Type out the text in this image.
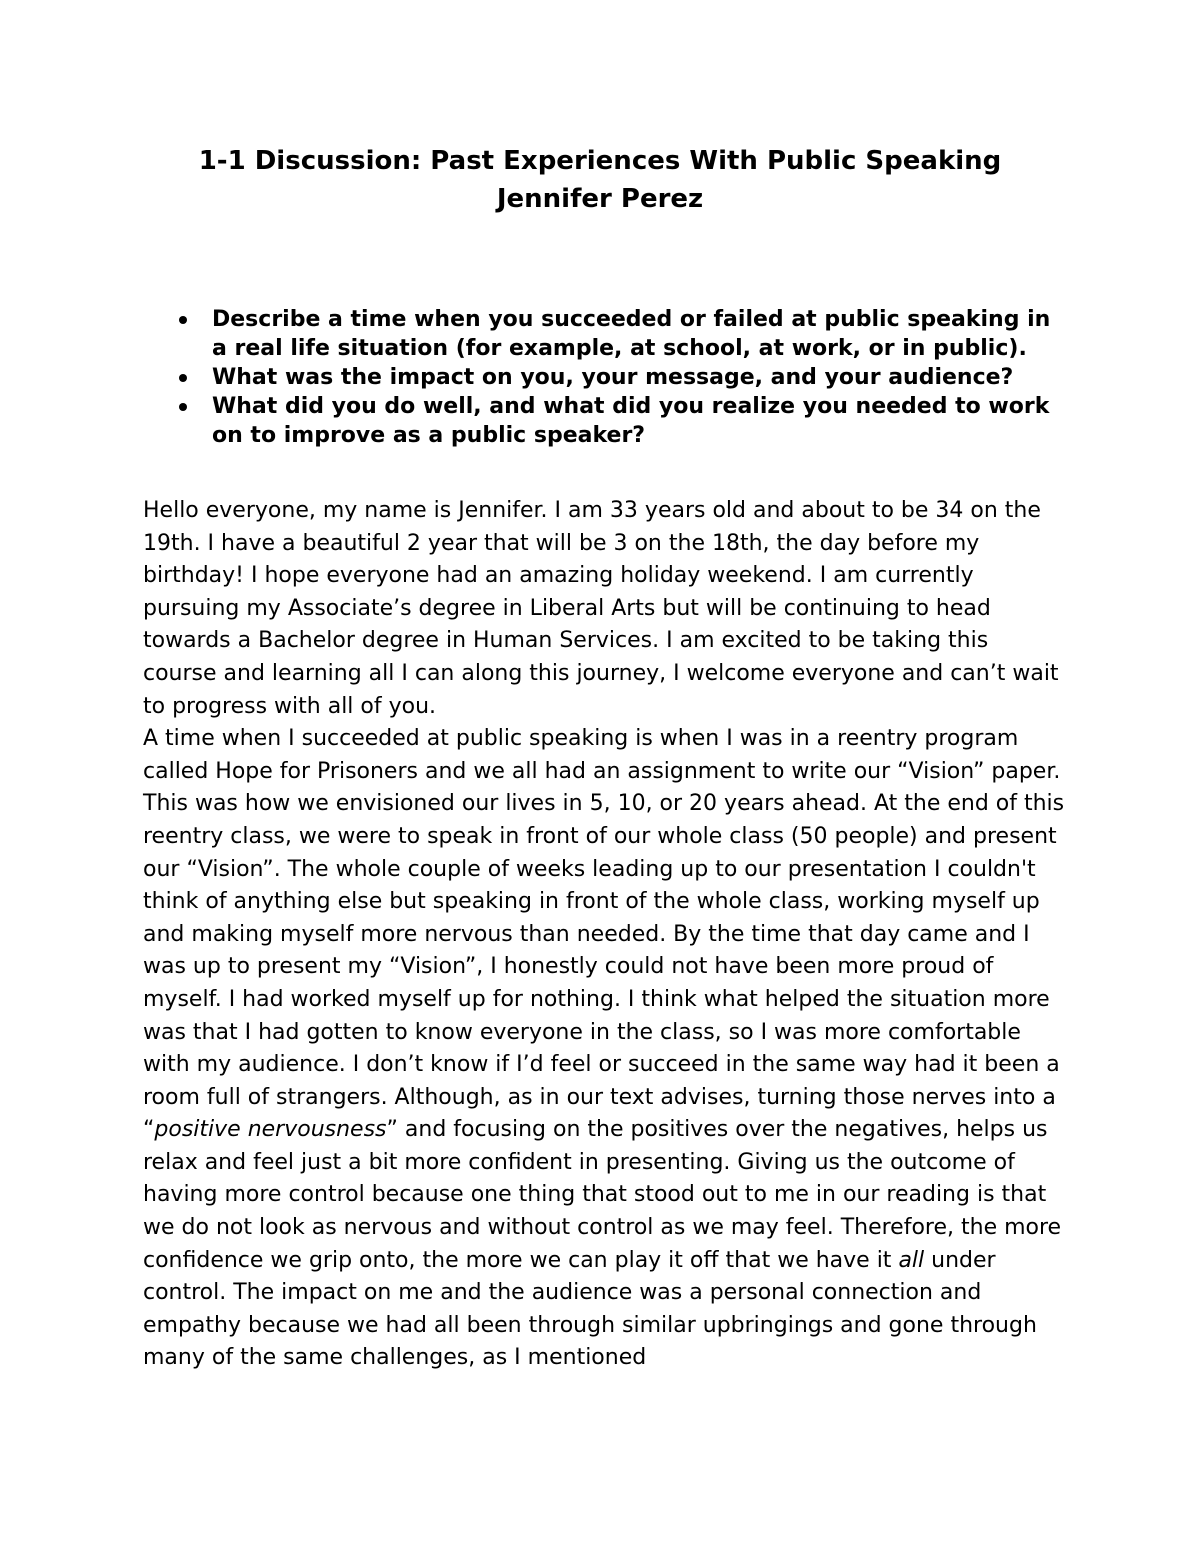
1-1 Discussion: Past Experiences With Public Speaking
Jennifer Perez
Describe a time when you succeeded or failed at public speaking in a real life situation (for example, at school, at work, or in public).
What was the impact on you, your message, and your audience?
What did you do well, and what did you realize you needed to work on to improve as a public speaker?

Hello everyone, my name is Jennifer. I am 33 years old and about to be 34 on the 19th. I have a beautiful 2 year that will be 3 on the 18th, the day before my birthday! I hope everyone had an amazing holiday weekend. I am currently pursuing my Associate’s degree in Liberal Arts but will be continuing to head towards a Bachelor degree in Human Services. I am excited to be taking this course and learning all I can along this journey, I welcome everyone and can’t wait to progress with all of you.

A time when I succeeded at public speaking is when I was in a reentry program called Hope for Prisoners and we all had an assignment to write our “Vision” paper. This was how we envisioned our lives in 5, 10, or 20 years ahead. At the end of this reentry class, we were to speak in front of our whole class (50 people) and present our “Vision”. The whole couple of weeks leading up to our presentation I couldn't think of anything else but speaking in front of the whole class, working myself up and making myself more nervous than needed. By the time that day came and I was up to present my “Vision”, I honestly could not have been more proud of myself. I had worked myself up for nothing. I think what helped the situation more was that I had gotten to know everyone in the class, so I was more comfortable with my audience. I don’t know if I’d feel or succeed in the same way had it been a room full of strangers. Although, as in our text advises, turning those nerves into a “positive nervousness” and focusing on the positives over the negatives, helps us relax and feel just a bit more confident in presenting. Giving us the outcome of having more control because one thing that stood out to me in our reading is that we do not look as nervous and without control as we may feel. Therefore, the more confidence we grip onto, the more we can play it off that we have it all under control. The impact on me and the audience was a personal connection and empathy because we had all been through similar upbringings and gone through many of the same challenges, as I mentioned
